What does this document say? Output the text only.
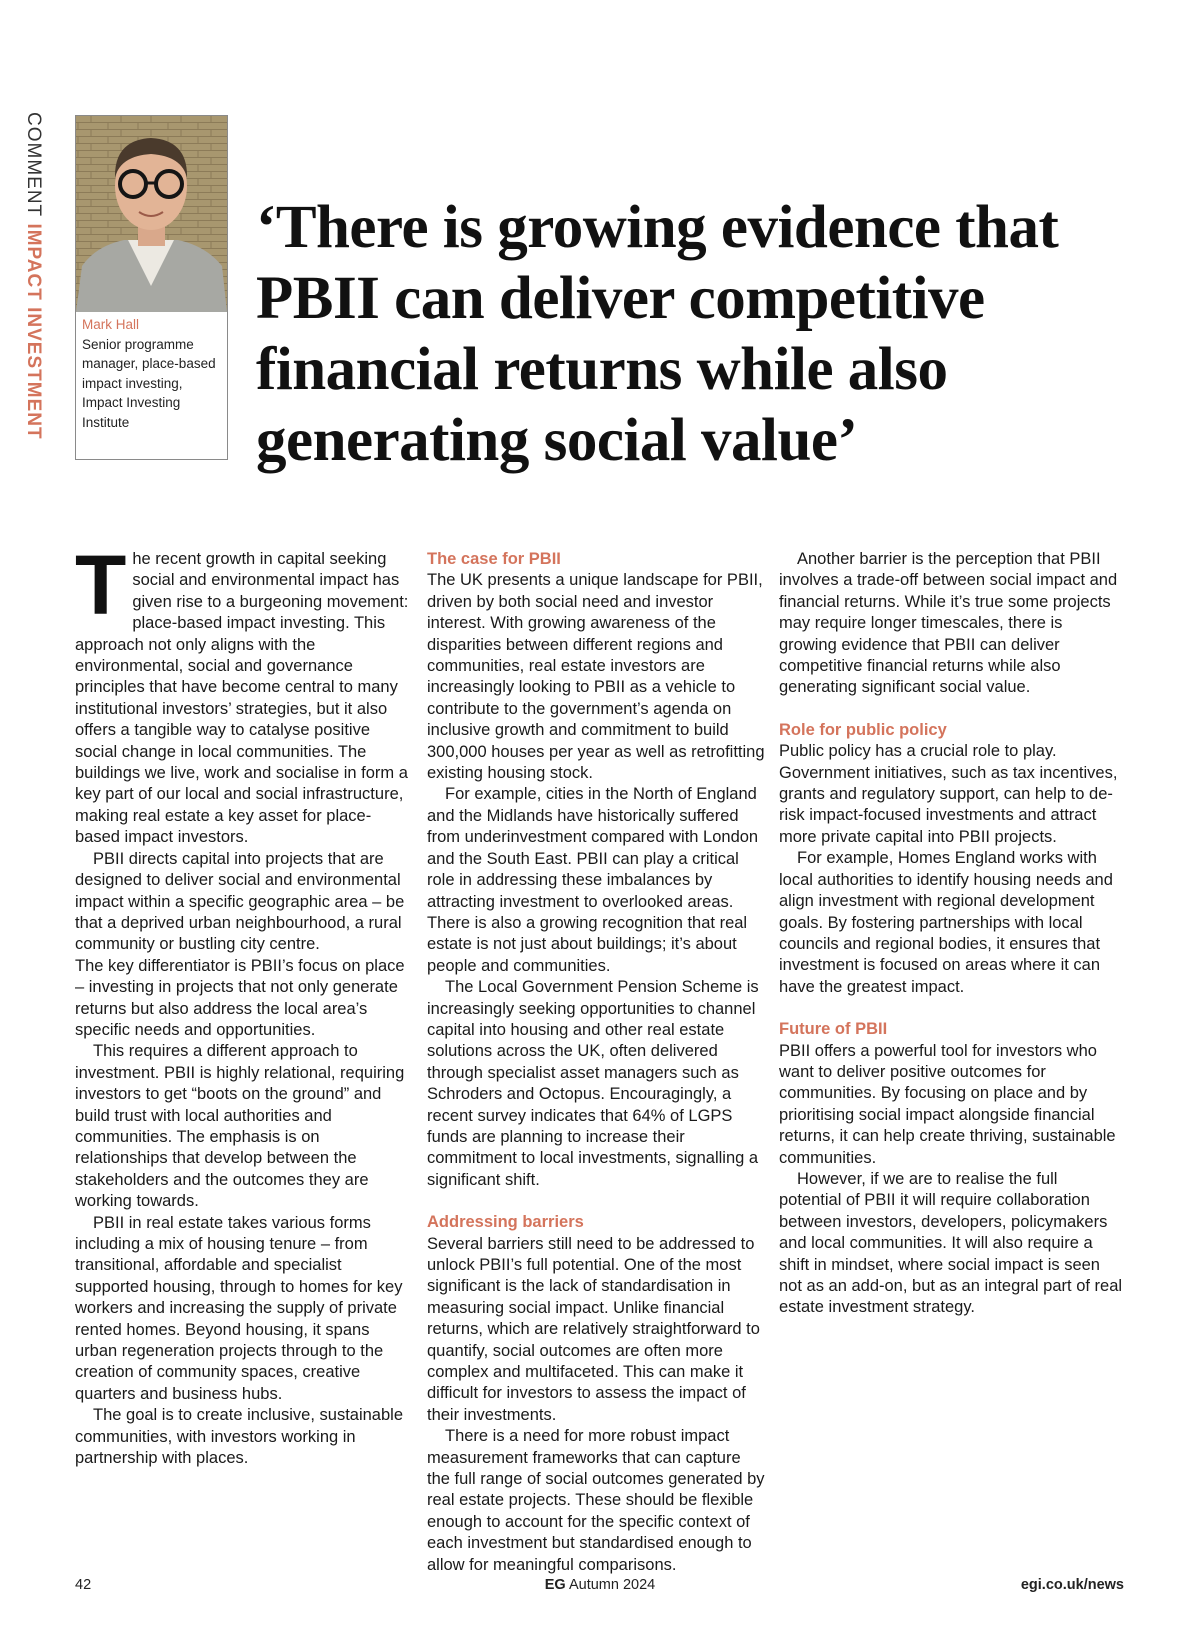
COMMENT IMPACT INVESTMENT	Mark Hall
Senior programme manager, place-based impact investing, Impact Investing Institute
‘There is growing evidence that PBII can deliver competitive financial returns while also generating social value’

The recent growth in capital seeking social and environmental impact has given rise to a burgeoning movement: place-based impact investing. This approach not only aligns with the environmental, social and governance principles that have become central to many institutional investors’ strategies, but it also offers a tangible way to catalyse positive social change in local communities. The buildings we live, work and socialise in form a key part of our local and social infrastructure, making real estate a key asset for place-based impact investors.

PBII directs capital into projects that are designed to deliver social and environmental impact within a specific geographic area – be that a deprived urban neighbourhood, a rural community or bustling city centre.

The key differentiator is PBII’s focus on place – investing in projects that not only generate returns but also address the local area’s specific needs and opportunities.

This requires a different approach to investment. PBII is highly relational, requiring investors to get “boots on the ground” and build trust with local authorities and communities. The emphasis is on relationships that develop between the stakeholders and the outcomes they are working towards.

PBII in real estate takes various forms including a mix of housing tenure – from transitional, affordable and specialist supported housing, through to homes for key workers and increasing the supply of private rented homes. Beyond housing, it spans urban regeneration projects through to the creation of community spaces, creative quarters and business hubs.

The goal is to create inclusive, sustainable communities, with investors working in partnership with places.

The case for PBII

The UK presents a unique landscape for PBII, driven by both social need and investor interest. With growing awareness of the disparities between different regions and communities, real estate investors are increasingly looking to PBII as a vehicle to contribute to the government’s agenda on inclusive growth and commitment to build 300,000 houses per year as well as retrofitting existing housing stock.

For example, cities in the North of England and the Midlands have historically suffered from underinvestment compared with London and the South East. PBII can play a critical role in addressing these imbalances by attracting investment to overlooked areas. There is also a growing recognition that real estate is not just about buildings; it’s about people and communities.

The Local Government Pension Scheme is increasingly seeking opportunities to channel capital into housing and other real estate solutions across the UK, often delivered through specialist asset managers such as Schroders and Octopus. Encouragingly, a recent survey indicates that 64% of LGPS funds are planning to increase their commitment to local investments, signalling a significant shift.

Addressing barriers

Several barriers still need to be addressed to unlock PBII’s full potential. One of the most significant is the lack of standardisation in measuring social impact. Unlike financial returns, which are relatively straightforward to quantify, social outcomes are often more complex and multifaceted. This can make it difficult for investors to assess the impact of their investments.

There is a need for more robust impact measurement frameworks that can capture the full range of social outcomes generated by real estate projects. These should be flexible enough to account for the specific context of each investment but standardised enough to allow for meaningful comparisons.

Another barrier is the perception that PBII involves a trade-off between social impact and financial returns. While it’s true some projects may require longer timescales, there is growing evidence that PBII can deliver competitive financial returns while also generating significant social value.

Role for public policy

Public policy has a crucial role to play. Government initiatives, such as tax incentives, grants and regulatory support, can help to de-risk impact-focused investments and attract more private capital into PBII projects.

For example, Homes England works with local authorities to identify housing needs and align investment with regional development goals. By fostering partnerships with local councils and regional bodies, it ensures that investment is focused on areas where it can have the greatest impact.

Future of PBII

PBII offers a powerful tool for investors who want to deliver positive outcomes for communities. By focusing on place and by prioritising social impact alongside financial returns, it can help create thriving, sustainable communities.

However, if we are to realise the full potential of PBII it will require collaboration between investors, developers, policymakers and local communities. It will also require a shift in mindset, where social impact is seen not as an add-on, but as an integral part of real estate investment strategy.

42	EG Autumn 2024	egi.co.uk/news
